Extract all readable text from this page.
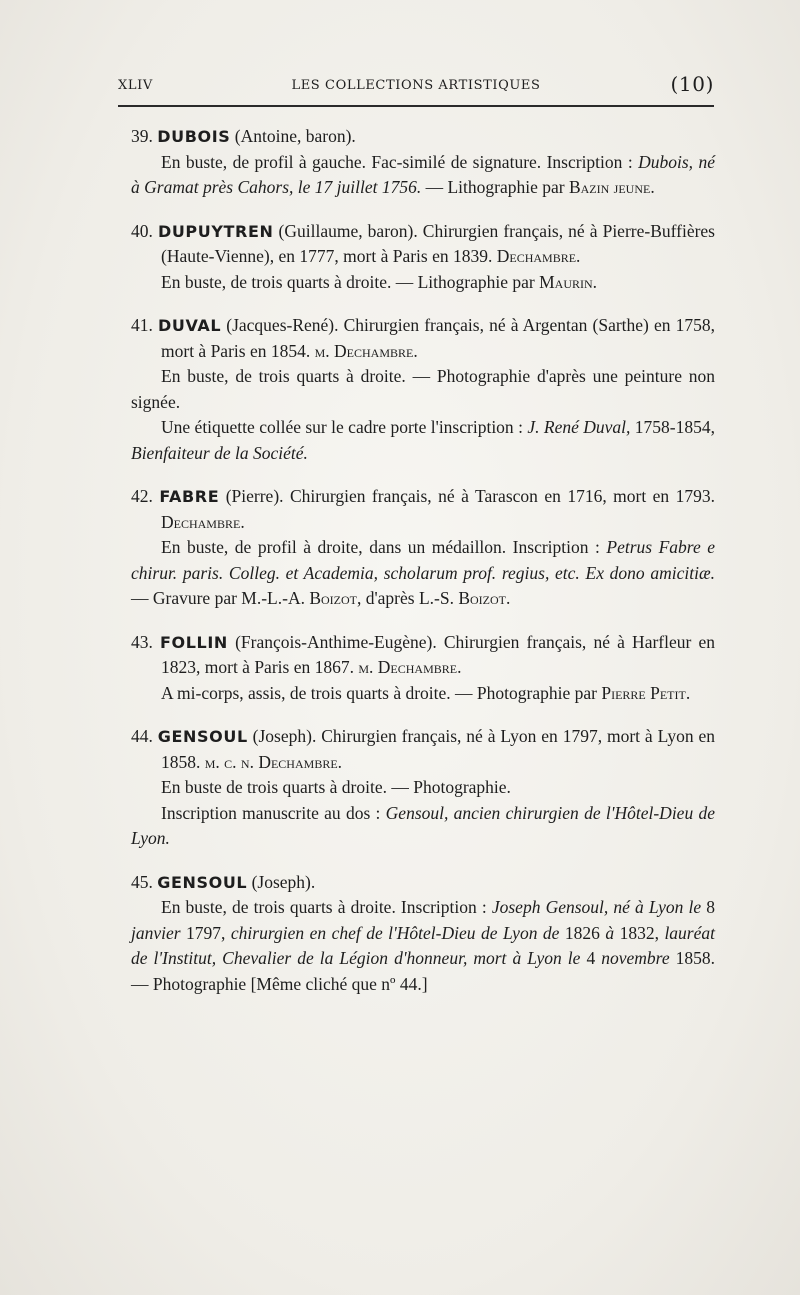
XLIV	LES COLLECTIONS ARTISTIQUES	(10)
39. DUBOIS (Antoine, baron).
En buste, de profil à gauche. Fac-similé de signature. Inscription : Dubois, né à Gramat près Cahors, le 17 juillet 1756. — Lithographie par Bazin jeune.
40. DUPUYTREN (Guillaume, baron). Chirurgien français, né à Pierre-Buffières (Haute-Vienne), en 1777, mort à Paris en 1839. Dechambre.
En buste, de trois quarts à droite. — Lithographie par Maurin.
41. DUVAL (Jacques-René). Chirurgien français, né à Argentan (Sarthe) en 1758, mort à Paris en 1854. m. Dechambre.
En buste, de trois quarts à droite. — Photographie d'après une peinture non signée.
Une étiquette collée sur le cadre porte l'inscription : J. René Duval, 1758-1854, Bienfaiteur de la Société.
42. FABRE (Pierre). Chirurgien français, né à Tarascon en 1716, mort en 1793. Dechambre.
En buste, de profil à droite, dans un médaillon. Inscription : Petrus Fabre e chirur. paris. Colleg. et Academia, scholarum prof. regius, etc. Ex dono amicitiæ. — Gravure par M.-L.-A. Boizot, d'après L.-S. Boizot.
43. FOLLIN (François-Anthime-Eugène). Chirurgien français, né à Harfleur en 1823, mort à Paris en 1867. m. Dechambre.
A mi-corps, assis, de trois quarts à droite. — Photographie par Pierre Petit.
44. GENSOUL (Joseph). Chirurgien français, né à Lyon en 1797, mort à Lyon en 1858. m. c. n. Dechambre.
En buste de trois quarts à droite. — Photographie.
Inscription manuscrite au dos : Gensoul, ancien chirurgien de l'Hôtel-Dieu de Lyon.
45. GENSOUL (Joseph).
En buste, de trois quarts à droite. Inscription : Joseph Gensoul, né à Lyon le 8 janvier 1797, chirurgien en chef de l'Hôtel-Dieu de Lyon de 1826 à 1832, lauréat de l'Institut, Chevalier de la Légion d'honneur, mort à Lyon le 4 novembre 1858. — Photographie [Même cliché que nº 44.]
